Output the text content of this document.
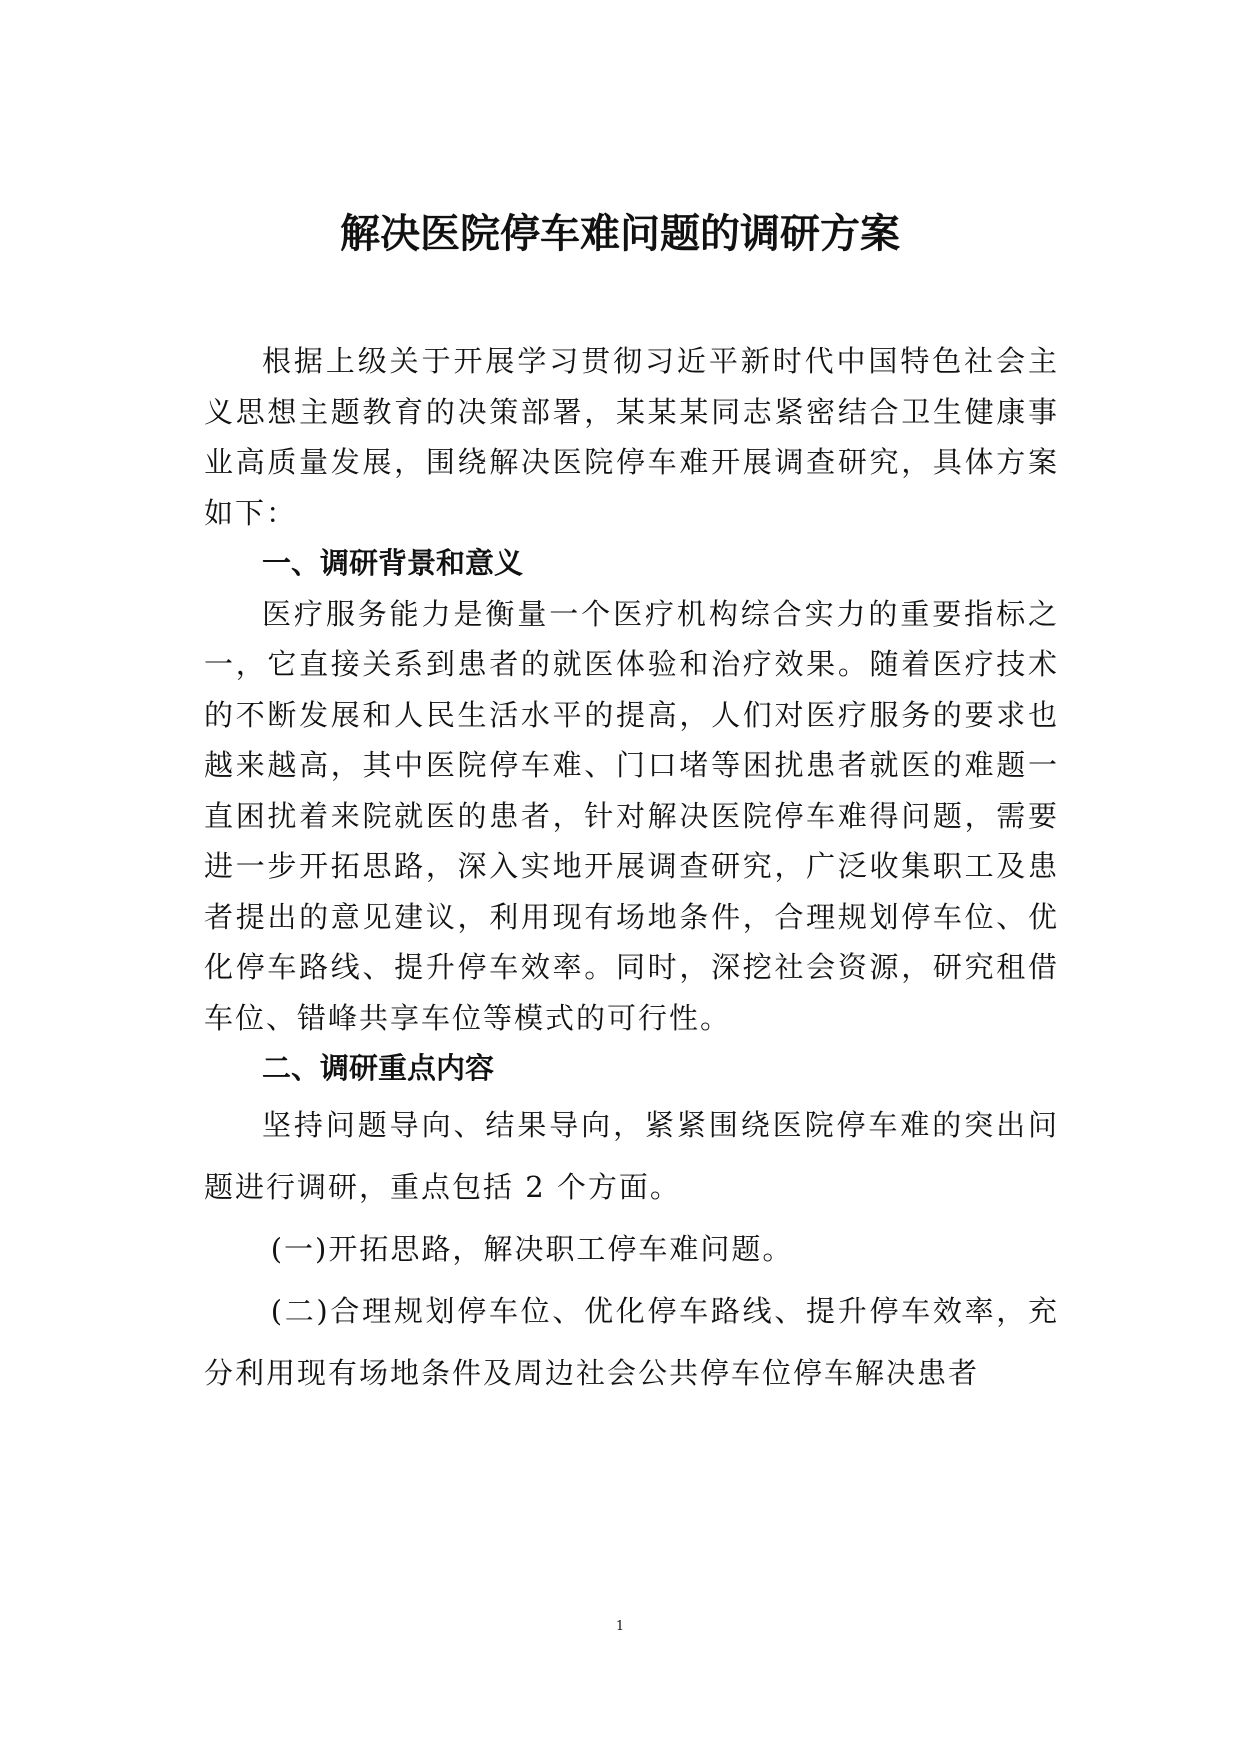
解决医院停车难问题的调研方案

根据上级关于开展学习贯彻习近平新时代中国特色社会主义思想主题教育的决策部署，某某某同志紧密结合卫生健康事业高质量发展，围绕解决医院停车难开展调查研究，具体方案如下：

一、调研背景和意义

医疗服务能力是衡量一个医疗机构综合实力的重要指标之一，它直接关系到患者的就医体验和治疗效果。随着医疗技术的不断发展和人民生活水平的提高，人们对医疗服务的要求也越来越高，其中医院停车难、门口堵等困扰患者就医的难题一直困扰着来院就医的患者，针对解决医院停车难得问题，需要进一步开拓思路，深入实地开展调查研究，广泛收集职工及患者提出的意见建议，利用现有场地条件，合理规划停车位、优化停车路线、提升停车效率。同时，深挖社会资源，研究租借车位、错峰共享车位等模式的可行性。

二、调研重点内容

坚持问题导向、结果导向，紧紧围绕医院停车难的突出问题进行调研，重点包括 2 个方面。

(一)开拓思路，解决职工停车难问题。

(二)合理规划停车位、优化停车路线、提升停车效率，充分利用现有场地条件及周边社会公共停车位停车解决患者

1
